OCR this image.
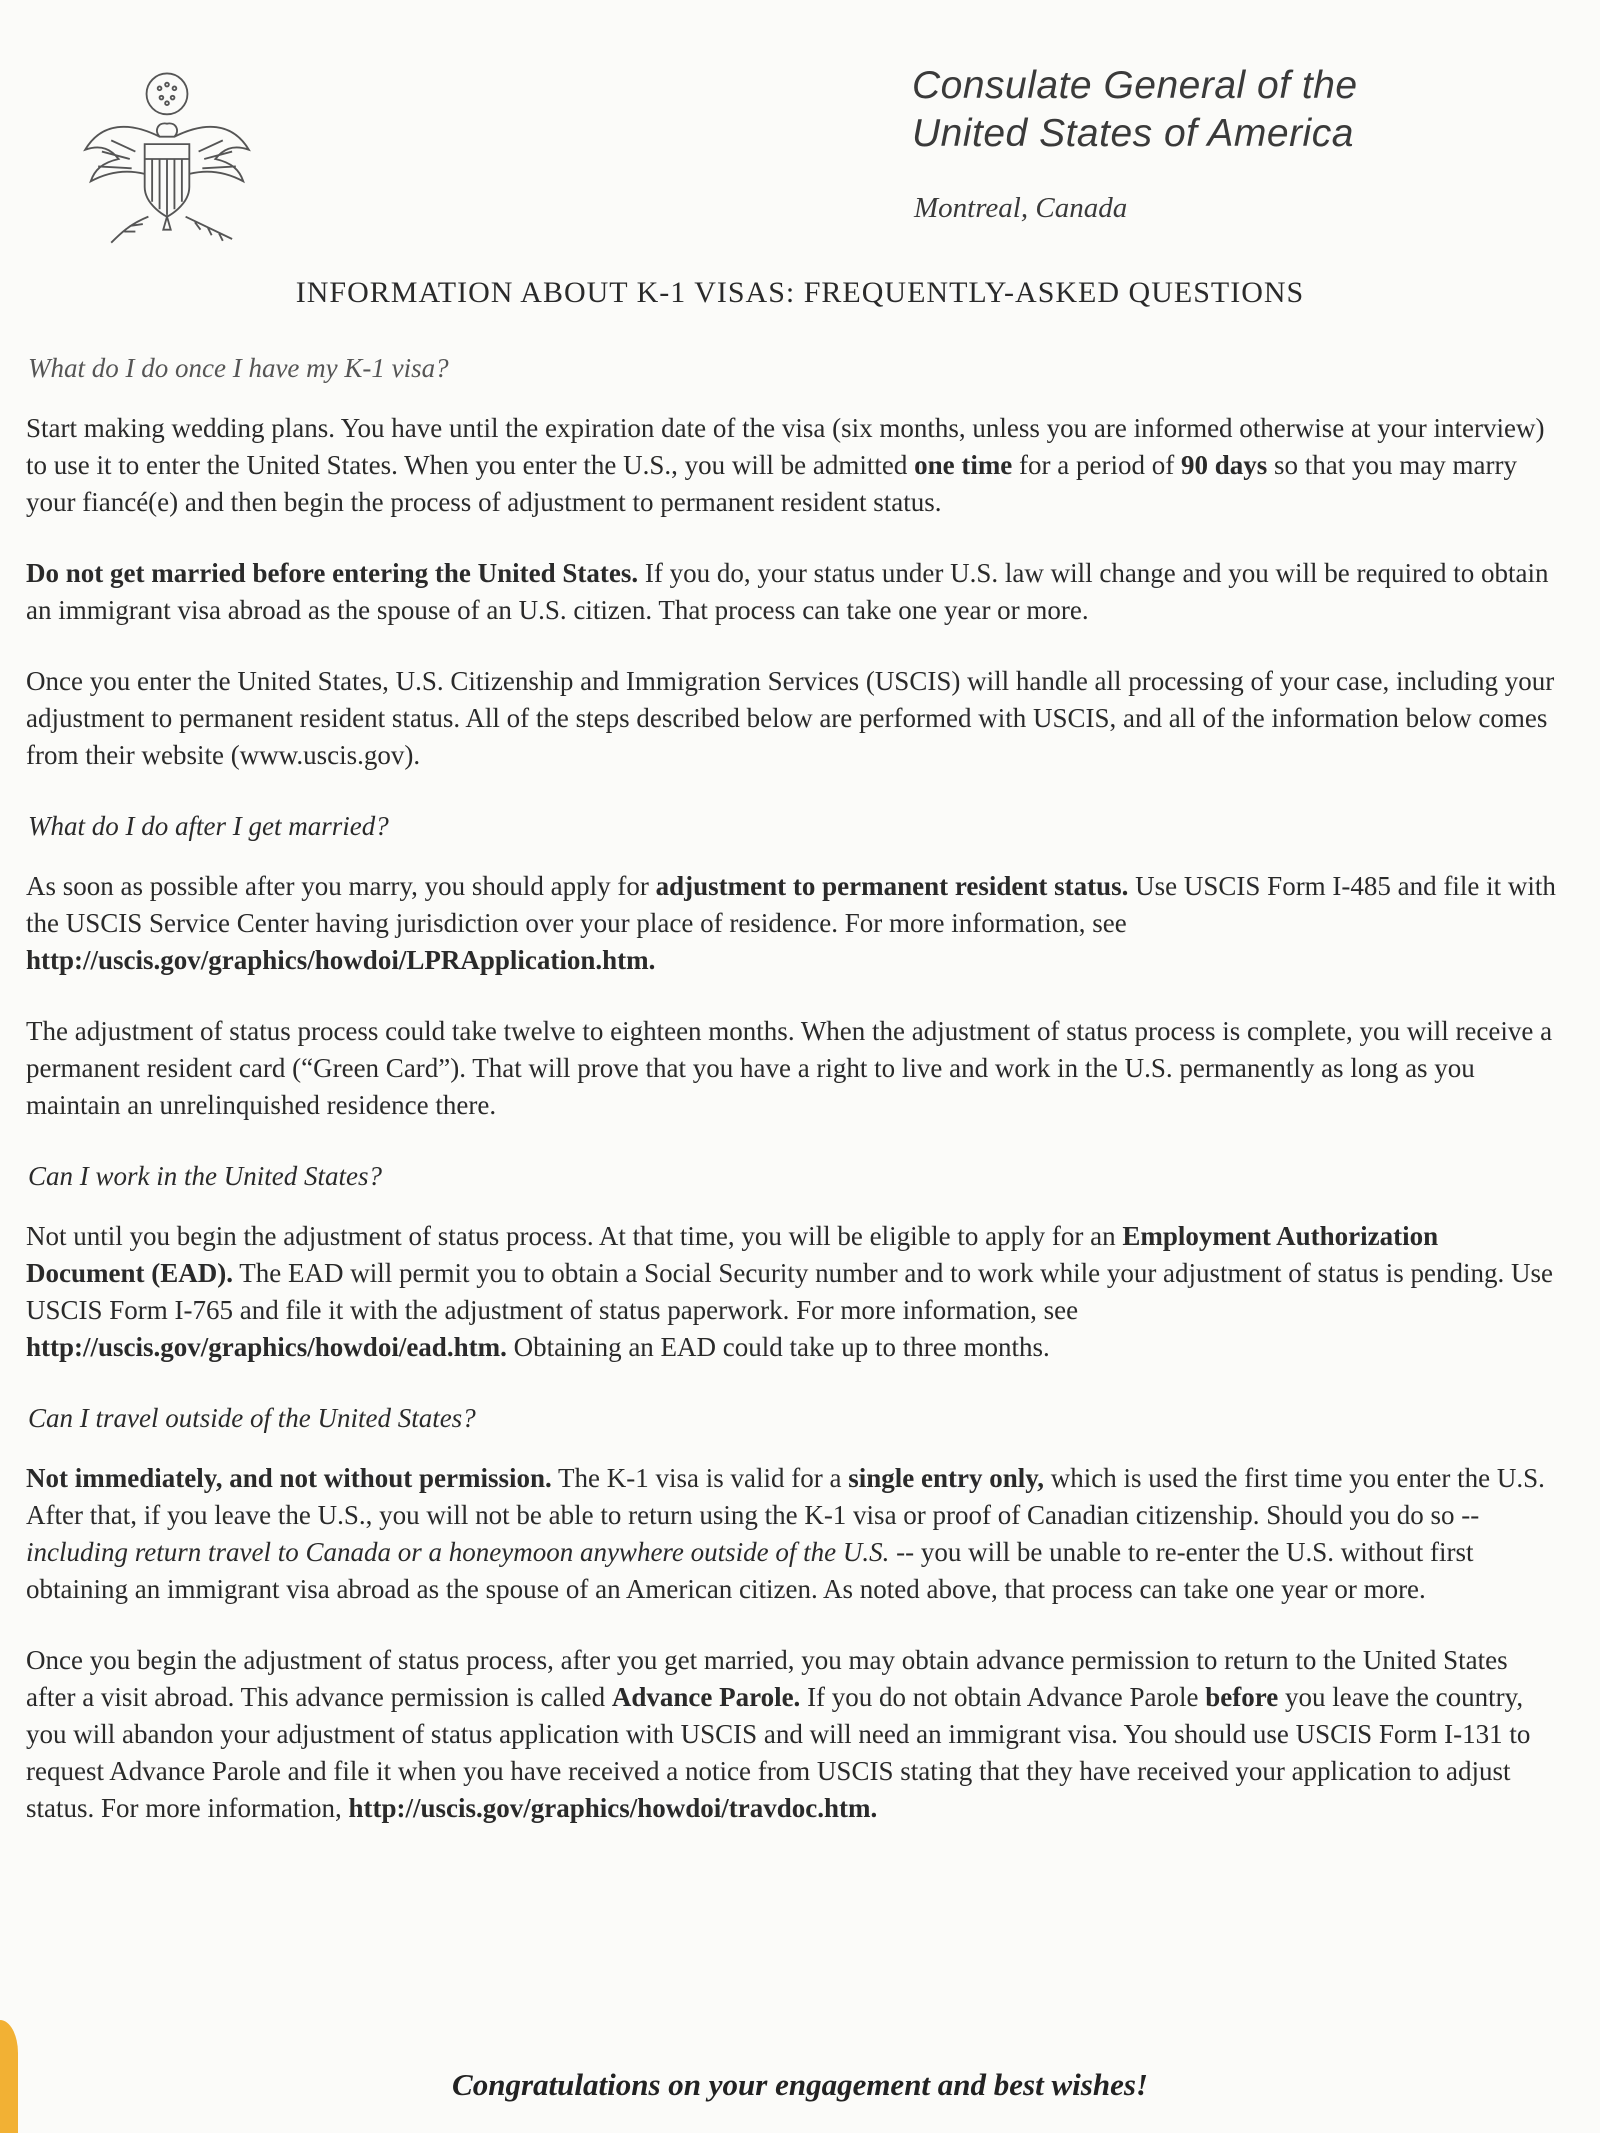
Consulate General of the
United States of America
Montreal, Canada
INFORMATION ABOUT K-1 VISAS: FREQUENTLY-ASKED QUESTIONS
What do I do once I have my K-1 visa?
Start making wedding plans. You have until the expiration date of the visa (six months, unless you are informed otherwise at your interview) to use it to enter the United States. When you enter the U.S., you will be admitted one time for a period of 90 days so that you may marry your fiancé(e) and then begin the process of adjustment to permanent resident status.
Do not get married before entering the United States. If you do, your status under U.S. law will change and you will be required to obtain an immigrant visa abroad as the spouse of an U.S. citizen. That process can take one year or more.
Once you enter the United States, U.S. Citizenship and Immigration Services (USCIS) will handle all processing of your case, including your adjustment to permanent resident status. All of the steps described below are performed with USCIS, and all of the information below comes from their website (www.uscis.gov).
What do I do after I get married?
As soon as possible after you marry, you should apply for adjustment to permanent resident status. Use USCIS Form I-485 and file it with the USCIS Service Center having jurisdiction over your place of residence. For more information, see http://uscis.gov/graphics/howdoi/LPRApplication.htm.
The adjustment of status process could take twelve to eighteen months. When the adjustment of status process is complete, you will receive a permanent resident card (“Green Card”). That will prove that you have a right to live and work in the U.S. permanently as long as you maintain an unrelinquished residence there.
Can I work in the United States?
Not until you begin the adjustment of status process. At that time, you will be eligible to apply for an Employment Authorization Document (EAD). The EAD will permit you to obtain a Social Security number and to work while your adjustment of status is pending. Use USCIS Form I-765 and file it with the adjustment of status paperwork. For more information, see http://uscis.gov/graphics/howdoi/ead.htm. Obtaining an EAD could take up to three months.
Can I travel outside of the United States?
Not immediately, and not without permission. The K-1 visa is valid for a single entry only, which is used the first time you enter the U.S. After that, if you leave the U.S., you will not be able to return using the K-1 visa or proof of Canadian citizenship. Should you do so -- including return travel to Canada or a honeymoon anywhere outside of the U.S. -- you will be unable to re-enter the U.S. without first obtaining an immigrant visa abroad as the spouse of an American citizen. As noted above, that process can take one year or more.
Once you begin the adjustment of status process, after you get married, you may obtain advance permission to return to the United States after a visit abroad. This advance permission is called Advance Parole. If you do not obtain Advance Parole before you leave the country, you will abandon your adjustment of status application with USCIS and will need an immigrant visa. You should use USCIS Form I-131 to request Advance Parole and file it when you have received a notice from USCIS stating that they have received your application to adjust status. For more information, http://uscis.gov/graphics/howdoi/travdoc.htm.
Congratulations on your engagement and best wishes!
